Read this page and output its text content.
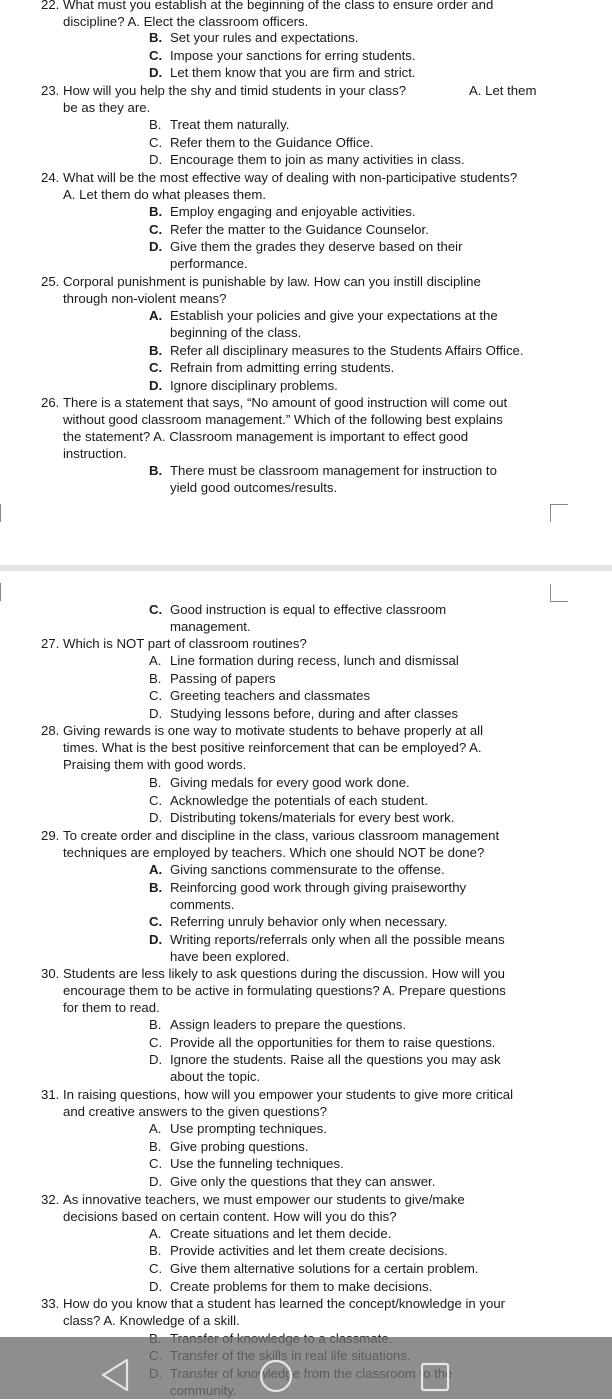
22. What must you establish at the beginning of the class to ensure order and
discipline? A. Elect the classroom officers.
B. Set your rules and expectations.
C. Impose your sanctions for erring students.
D. Let them know that you are firm and strict.
23. How will you help the shy and timid students in your class?	A. Let them
be as they are.
B. Treat them naturally.
C. Refer them to the Guidance Office.
D. Encourage them to join as many activities in class.
24. What will be the most effective way of dealing with non-participative students?
A. Let them do what pleases them.
B. Employ engaging and enjoyable activities.
C. Refer the matter to the Guidance Counselor.
D. Give them the grades they deserve based on their
performance.
25. Corporal punishment is punishable by law. How can you instill discipline
through non-violent means?
A. Establish your policies and give your expectations at the
beginning of the class.
B. Refer all disciplinary measures to the Students Affairs Office.
C. Refrain from admitting erring students.
D. Ignore disciplinary problems.
26. There is a statement that says, “No amount of good instruction will come out
without good classroom management.” Which of the following best explains
the statement? A. Classroom management is important to effect good
instruction.
B. There must be classroom management for instruction to
yield good outcomes/results.
C. Good instruction is equal to effective classroom
management.
27. Which is NOT part of classroom routines?
A. Line formation during recess, lunch and dismissal
B. Passing of papers
C. Greeting teachers and classmates
D. Studying lessons before, during and after classes
28. Giving rewards is one way to motivate students to behave properly at all
times. What is the best positive reinforcement that can be employed? A.
Praising them with good words.
B. Giving medals for every good work done.
C. Acknowledge the potentials of each student.
D. Distributing tokens/materials for every best work.
29. To create order and discipline in the class, various classroom management
techniques are employed by teachers. Which one should NOT be done?
A. Giving sanctions commensurate to the offense.
B. Reinforcing good work through giving praiseworthy
comments.
C. Referring unruly behavior only when necessary.
D. Writing reports/referrals only when all the possible means
have been explored.
30. Students are less likely to ask questions during the discussion. How will you
encourage them to be active in formulating questions? A. Prepare questions
for them to read.
B. Assign leaders to prepare the questions.
C. Provide all the opportunities for them to raise questions.
D. Ignore the students. Raise all the questions you may ask
about the topic.
31. In raising questions, how will you empower your students to give more critical
and creative answers to the given questions?
A. Use prompting techniques.
B. Give probing questions.
C. Use the funneling techniques.
D. Give only the questions that they can answer.
32. As innovative teachers, we must empower our students to give/make
decisions based on certain content. How will you do this?
A. Create situations and let them decide.
B. Provide activities and let them create decisions.
C. Give them alternative solutions for a certain problem.
D. Create problems for them to make decisions.
33. How do you know that a student has learned the concept/knowledge in your
class? A. Knowledge of a skill.
